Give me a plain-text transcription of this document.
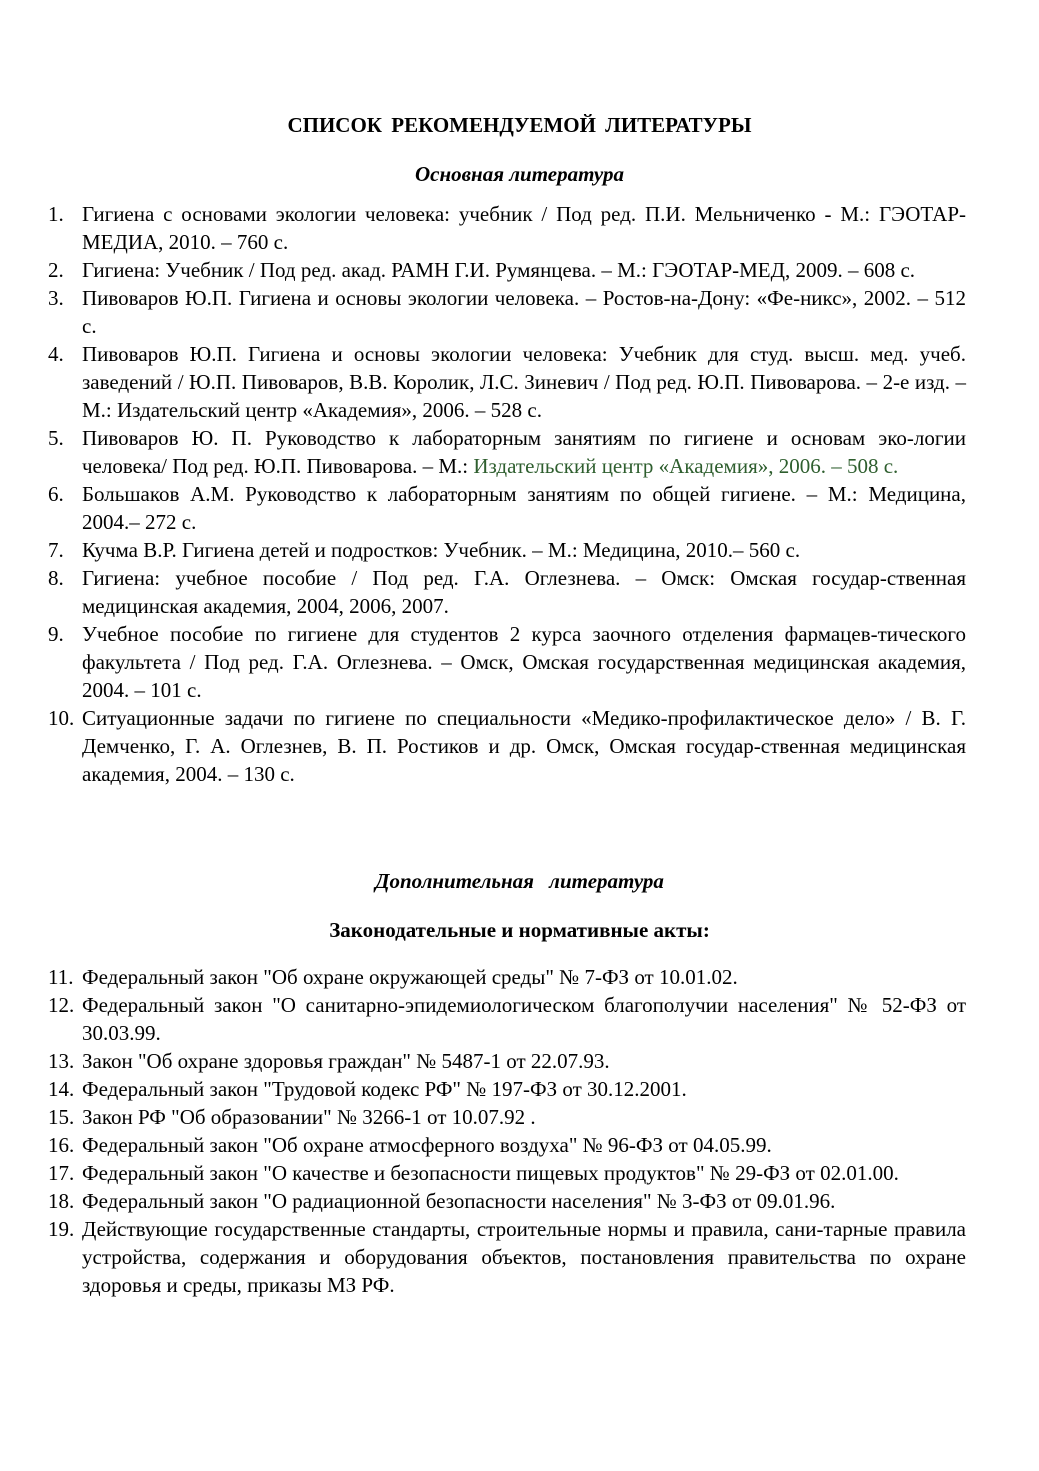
СПИСОК РЕКОМЕНДУЕМОЙ ЛИТЕРАТУРЫ
Основная литература
1. Гигиена с основами экологии человека: учебник / Под ред. П.И. Мельниченко - М.: ГЭОТАР-МЕДИА, 2010. – 760 с.
2. Гигиена: Учебник / Под ред. акад. РАМН Г.И. Румянцева. – М.: ГЭОТАР-МЕД, 2009. – 608 с.
3. Пивоваров Ю.П. Гигиена и основы экологии человека. – Ростов-на-Дону: «Фе-никс», 2002. – 512 с.
4. Пивоваров Ю.П. Гигиена и основы экологии человека: Учебник для студ. высш. мед. учеб. заведений / Ю.П. Пивоваров, В.В. Королик, Л.С. Зиневич / Под ред. Ю.П. Пивоварова. – 2-е изд. – М.: Издательский центр «Академия», 2006. – 528 с.
5. Пивоваров Ю. П. Руководство к лабораторным занятиям по гигиене и основам эко-логии человека/ Под ред. Ю.П. Пивоварова. – М.: Издательский центр «Академия», 2006. – 508 с.
6. Большаков А.М. Руководство к лабораторным занятиям по общей гигиене. – М.: Медицина, 2004.– 272 с.
7. Кучма В.Р. Гигиена детей и подростков: Учебник. – М.: Медицина, 2010.– 560 с.
8. Гигиена: учебное пособие / Под ред. Г.А. Оглезнева. – Омск: Омская государ-ственная медицинская академия, 2004, 2006, 2007.
9. Учебное пособие по гигиене для студентов 2 курса заочного отделения фармацев-тического факультета / Под ред. Г.А. Оглезнева. – Омск, Омская государственная медицинская академия, 2004. – 101 с.
10. Ситуационные задачи по гигиене по специальности «Медико-профилактическое дело» / В. Г. Демченко, Г. А. Оглезнев, В. П. Ростиков и др. Омск, Омская государ-ственная медицинская академия, 2004. – 130 с.
Дополнительная литература
Законодательные и нормативные акты:
11. Федеральный закон "Об охране окружающей среды" № 7-ФЗ от 10.01.02.
12. Федеральный закон "О санитарно-эпидемиологическом благополучии населения" № 52-ФЗ от 30.03.99.
13. Закон "Об охране здоровья граждан" № 5487-1 от 22.07.93.
14. Федеральный закон "Трудовой кодекс РФ" № 197-ФЗ от 30.12.2001.
15. Закон РФ "Об образовании" № 3266-1 от 10.07.92 .
16. Федеральный закон "Об охране атмосферного воздуха" № 96-ФЗ от 04.05.99.
17. Федеральный закон "О качестве и безопасности пищевых продуктов" № 29-ФЗ от 02.01.00.
18. Федеральный закон "О радиационной безопасности населения" № 3-ФЗ от 09.01.96.
19. Действующие государственные стандарты, строительные нормы и правила, сани-тарные правила устройства, содержания и оборудования объектов, постановления правительства по охране здоровья и среды, приказы МЗ РФ.
